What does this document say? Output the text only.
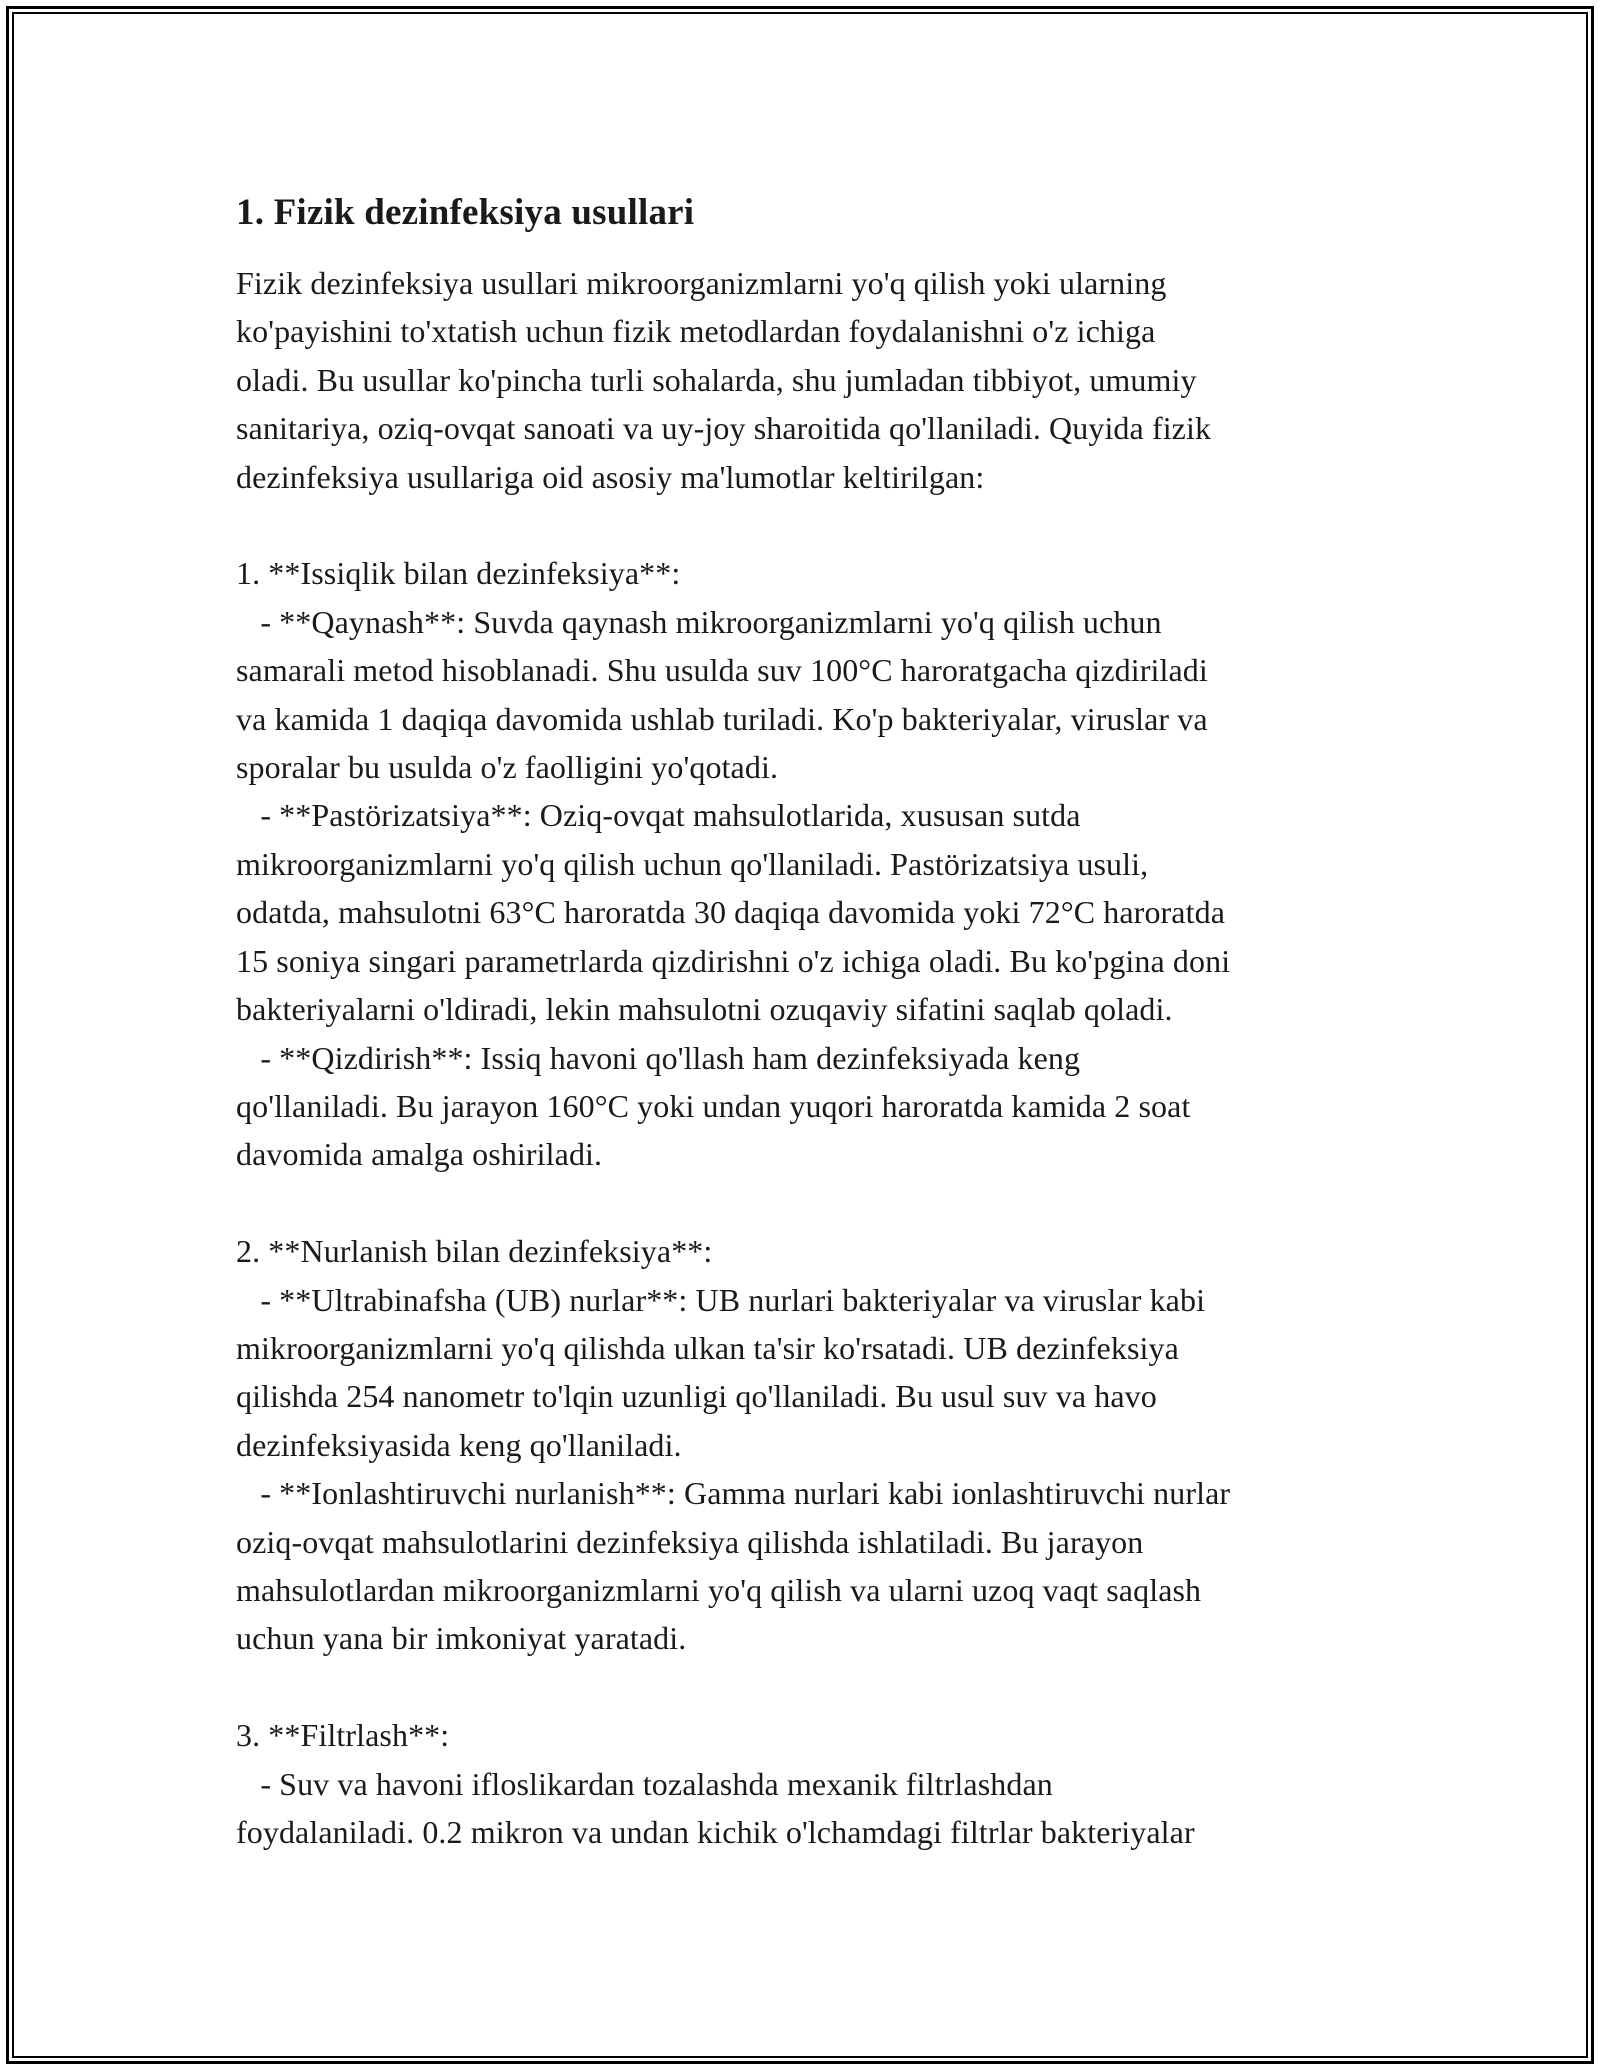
1. Fizik dezinfeksiya usullari

Fizik dezinfeksiya usullari mikroorganizmlarni yo'q qilish yoki ularning
ko'payishini to'xtatish uchun fizik metodlardan foydalanishni o'z ichiga
oladi. Bu usullar ko'pincha turli sohalarda, shu jumladan tibbiyot, umumiy
sanitariya, oziq-ovqat sanoati va uy-joy sharoitida qo'llaniladi. Quyida fizik
dezinfeksiya usullariga oid asosiy ma'lumotlar keltirilgan:

1. **Issiqlik bilan dezinfeksiya**:
- **Qaynash**: Suvda qaynash mikroorganizmlarni yo'q qilish uchun
samarali metod hisoblanadi. Shu usulda suv 100°C haroratgacha qizdiriladi
va kamida 1 daqiqa davomida ushlab turiladi. Ko'p bakteriyalar, viruslar va
sporalar bu usulda o'z faolligini yo'qotadi.
- **Pastörizatsiya**: Oziq-ovqat mahsulotlarida, xususan sutda
mikroorganizmlarni yo'q qilish uchun qo'llaniladi. Pastörizatsiya usuli,
odatda, mahsulotni 63°C haroratda 30 daqiqa davomida yoki 72°C haroratda
15 soniya singari parametrlarda qizdirishni o'z ichiga oladi. Bu ko'pgina doni
bakteriyalarni o'ldiradi, lekin mahsulotni ozuqaviy sifatini saqlab qoladi.
- **Qizdirish**: Issiq havoni qo'llash ham dezinfeksiyada keng
qo'llaniladi. Bu jarayon 160°C yoki undan yuqori haroratda kamida 2 soat
davomida amalga oshiriladi.

2. **Nurlanish bilan dezinfeksiya**:
- **Ultrabinafsha (UB) nurlar**: UB nurlari bakteriyalar va viruslar kabi
mikroorganizmlarni yo'q qilishda ulkan ta'sir ko'rsatadi. UB dezinfeksiya
qilishda 254 nanometr to'lqin uzunligi qo'llaniladi. Bu usul suv va havo
dezinfeksiyasida keng qo'llaniladi.
- **Ionlashtiruvchi nurlanish**: Gamma nurlari kabi ionlashtiruvchi nurlar
oziq-ovqat mahsulotlarini dezinfeksiya qilishda ishlatiladi. Bu jarayon
mahsulotlardan mikroorganizmlarni yo'q qilish va ularni uzoq vaqt saqlash
uchun yana bir imkoniyat yaratadi.

3. **Filtrlash**:
- Suv va havoni ifloslikardan tozalashda mexanik filtrlashdan
foydalaniladi. 0.2 mikron va undan kichik o'lchamdagi filtrlar bakteriyalar
